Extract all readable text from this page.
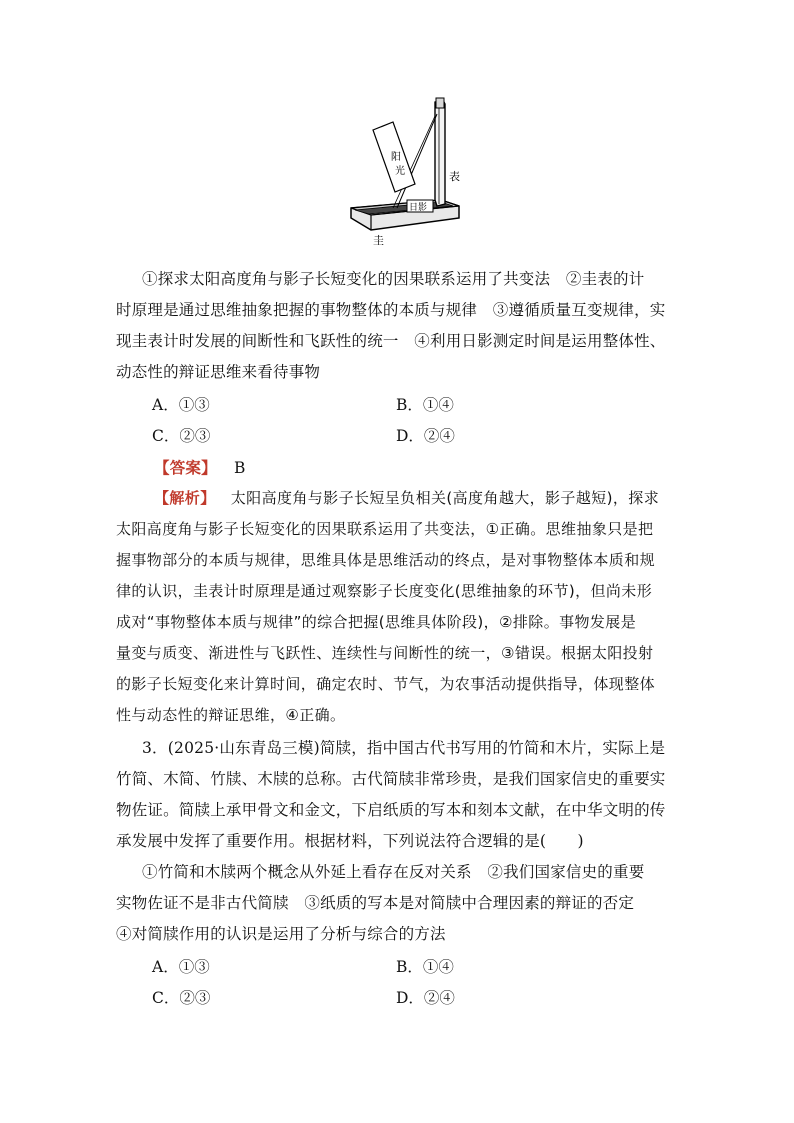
阳
光
日影
表
圭
①探求太阳高度角与影子长短变化的因果联系运用了共变法　②圭表的计
时原理是通过思维抽象把握的事物整体的本质与规律　③遵循质量互变规律，实
现圭表计时发展的间断性和飞跃性的统一　④利用日影测定时间是运用整体性、
动态性的辩证思维来看待事物
A．①③	B．①④
C．②③	D．②④
【答案】 B
【解析】 太阳高度角与影子长短呈负相关(高度角越大，影子越短)，探求
太阳高度角与影子长短变化的因果联系运用了共变法，①正确。思维抽象只是把
握事物部分的本质与规律，思维具体是思维活动的终点，是对事物整体本质和规
律的认识，圭表计时原理是通过观察影子长度变化(思维抽象的环节)，但尚未形
成对“事物整体本质与规律”的综合把握(思维具体阶段)，②排除。事物发展是
量变与质变、渐进性与飞跃性、连续性与间断性的统一，③错误。根据太阳投射
的影子长短变化来计算时间，确定农时、节气，为农事活动提供指导，体现整体
性与动态性的辩证思维，④正确。
3．(2025·山东青岛三模)简牍，指中国古代书写用的竹简和木片，实际上是
竹简、木简、竹牍、木牍的总称。古代简牍非常珍贵，是我们国家信史的重要实
物佐证。简牍上承甲骨文和金文，下启纸质的写本和刻本文献，在中华文明的传
承发展中发挥了重要作用。根据材料，下列说法符合逻辑的是(　　)
①竹简和木牍两个概念从外延上看存在反对关系　②我们国家信史的重要
实物佐证不是非古代简牍　③纸质的写本是对简牍中合理因素的辩证的否定
④对简牍作用的认识是运用了分析与综合的方法
A．①③	B．①④
C．②③	D．②④
